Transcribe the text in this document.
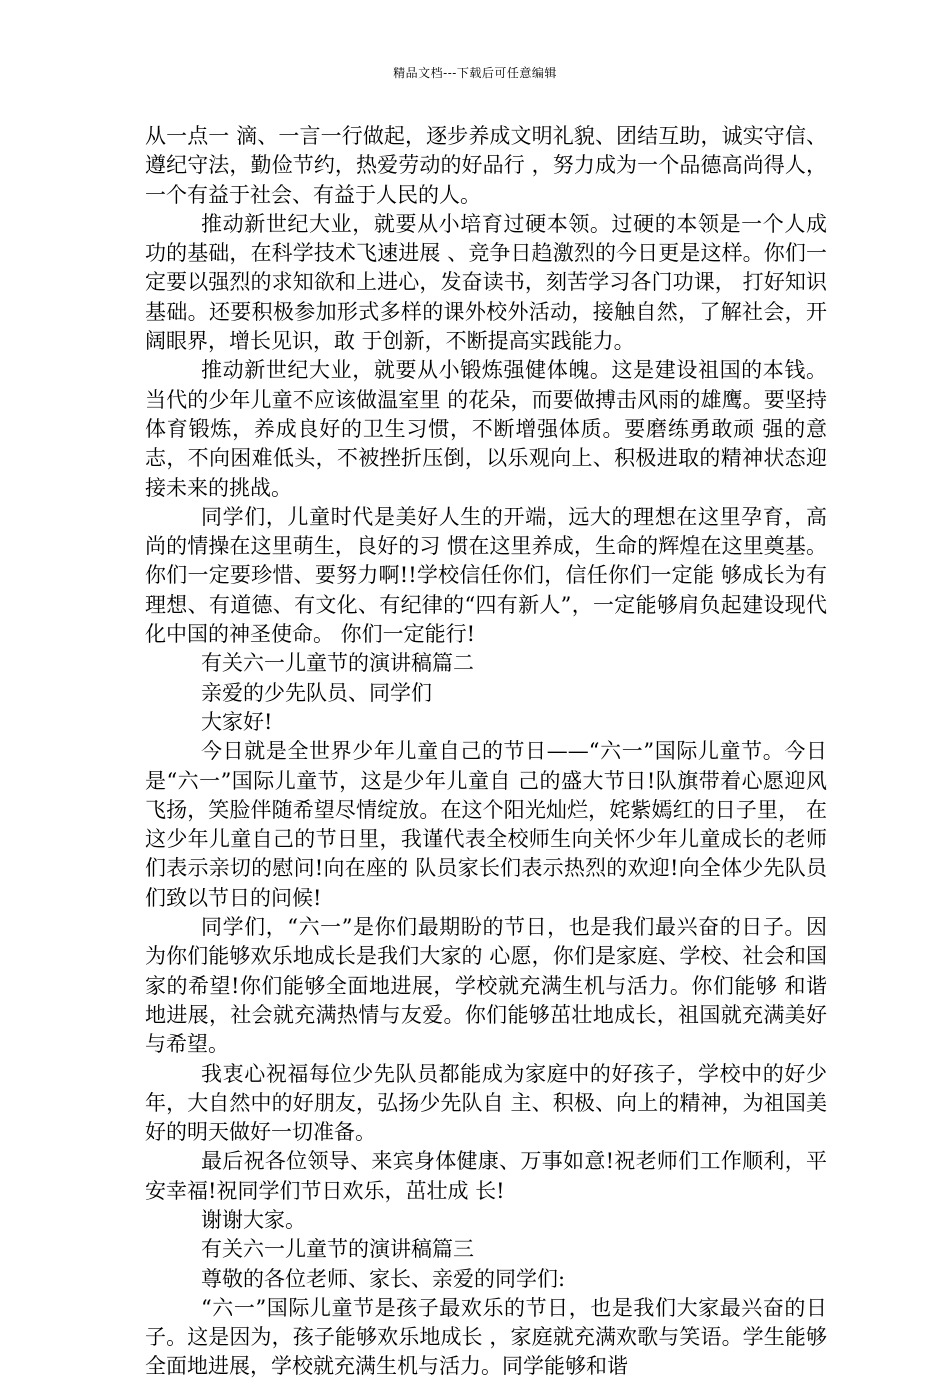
精品文档---下载后可任意编辑

从一点一 滴、一言一行做起，逐步养成文明礼貌、团结互助，诚实守信、遵纪守法，勤俭节约，热爱劳动的好品行 ，努力成为一个品德高尚得人，一个有益于社会、有益于人民的人。

推动新世纪大业，就要从小培育过硬本领。过硬的本领是一个人成功的基础，在科学技术飞速进展 、竞争日趋激烈的今日更是这样。你们一定要以强烈的求知欲和上进心，发奋读书，刻苦学习各门功课， 打好知识基础。还要积极参加形式多样的课外校外活动，接触自然，了解社会，开阔眼界，增长见识，敢 于创新，不断提高实践能力。

推动新世纪大业，就要从小锻炼强健体魄。这是建设祖国的本钱。当代的少年儿童不应该做温室里 的花朵，而要做搏击风雨的雄鹰。要坚持体育锻炼，养成良好的卫生习惯，不断增强体质。要磨练勇敢顽 强的意志，不向困难低头，不被挫折压倒，以乐观向上、积极进取的精神状态迎接未来的挑战。

同学们，儿童时代是美好人生的开端，远大的理想在这里孕育，高尚的情操在这里萌生，良好的习 惯在这里养成，生命的辉煌在这里奠基。你们一定要珍惜、要努力啊!!学校信任你们，信任你们一定能 够成长为有理想、有道德、有文化、有纪律的“四有新人”，一定能够肩负起建设现代化中国的神圣使命。 你们一定能行!

有关六一儿童节的演讲稿篇二

亲爱的少先队员、同学们

大家好!

今日就是全世界少年儿童自己的节日——“六一”国际儿童节。今日是“六一”国际儿童节，这是少年儿童自 己的盛大节日!队旗带着心愿迎风飞扬，笑脸伴随希望尽情绽放。在这个阳光灿烂，姹紫嫣红的日子里， 在这少年儿童自己的节日里，我谨代表全校师生向关怀少年儿童成长的老师们表示亲切的慰问!向在座的 队员家长们表示热烈的欢迎!向全体少先队员们致以节日的问候!

同学们，“六一”是你们最期盼的节日，也是我们最兴奋的日子。因为你们能够欢乐地成长是我们大家的 心愿，你们是家庭、学校、社会和国家的希望!你们能够全面地进展，学校就充满生机与活力。你们能够 和谐地进展，社会就充满热情与友爱。你们能够茁壮地成长，祖国就充满美好与希望。

我衷心祝福每位少先队员都能成为家庭中的好孩子，学校中的好少年，大自然中的好朋友，弘扬少先队自 主、积极、向上的精神，为祖国美好的明天做好一切准备。

最后祝各位领导、来宾身体健康、万事如意!祝老师们工作顺利，平安幸福!祝同学们节日欢乐，茁壮成 长!

谢谢大家。

有关六一儿童节的演讲稿篇三

尊敬的各位老师、家长、亲爱的同学们:

“六一”国际儿童节是孩子最欢乐的节日，也是我们大家最兴奋的日子。这是因为，孩子能够欢乐地成长 ，家庭就充满欢歌与笑语。学生能够全面地进展，学校就充满生机与活力。同学能够和谐
